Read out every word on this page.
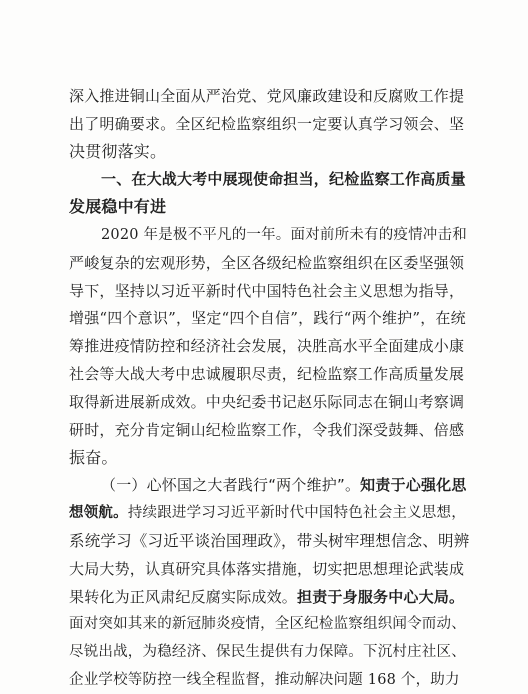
深入推进铜山全面从严治党、党风廉政建设和反腐败工作提
出了明确要求。全区纪检监察组织一定要认真学习领会、坚
决贯彻落实。
一、在大战大考中展现使命担当，纪检监察工作高质量
发展稳中有进
2020 年是极不平凡的一年。面对前所未有的疫情冲击和
严峻复杂的宏观形势，全区各级纪检监察组织在区委坚强领
导下，坚持以习近平新时代中国特色社会主义思想为指导，
增强“四个意识”，坚定“四个自信”，践行“两个维护”，在统
筹推进疫情防控和经济社会发展，决胜高水平全面建成小康
社会等大战大考中忠诚履职尽责，纪检监察工作高质量发展
取得新进展新成效。中央纪委书记赵乐际同志在铜山考察调
研时，充分肯定铜山纪检监察工作，令我们深受鼓舞、倍感
振奋。
（一）心怀国之大者践行“两个维护”。知责于心强化思
想领航。持续跟进学习习近平新时代中国特色社会主义思想，
系统学习《习近平谈治国理政》，带头树牢理想信念、明辨
大局大势，认真研究具体落实措施，切实把思想理论武装成
果转化为正风肃纪反腐实际成效。担责于身服务中心大局。
面对突如其来的新冠肺炎疫情，全区纪检监察组织闻令而动、
尽锐出战，为稳经济、保民生提供有力保障。下沉村庄社区、
企业学校等防控一线全程监督，推动解决问题 168 个，助力
